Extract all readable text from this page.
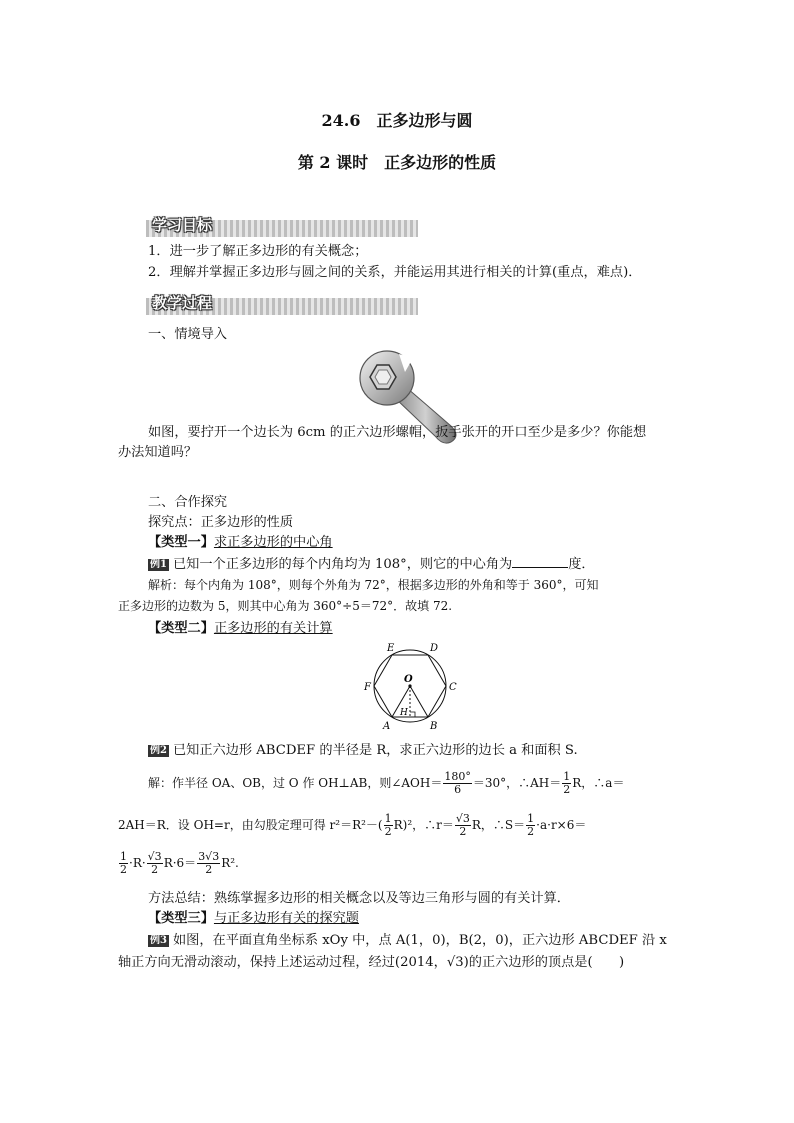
24.6　正多边形与圆
第 2 课时　正多边形的性质
学习目标
1．进一步了解正多边形的有关概念；
2．理解并掌握正多边形与圆之间的关系，并能运用其进行相关的计算(重点，难点)．
教学过程
一、情境导入
如图，要拧开一个边长为 6cm 的正六边形螺帽，扳手张开的开口至少是多少？你能想
办法知道吗？
二、合作探究
探究点：正多边形的性质
【类型一】求正多边形的中心角
例1 已知一个正多边形的每个内角均为 108°，则它的中心角为	度．
解析：每个内角为 108°，则每个外角为 72°，根据多边形的外角和等于 360°，可知
正多边形的边数为 5，则其中心角为 360°÷5＝72°．故填 72.
【类型二】正多边形的有关计算
E	D
F	C
O
H
A	B
例2 已知正六边形 ABCDEF 的半径是 R，求正六边形的边长 a 和面积 S.
解：作半径 OA、OB，过 O 作 OH⊥AB，则∠AOH＝ $\frac{180^\circ}{6} =30^\circ$，∴AH＝ $\frac{1}{2}$ R，∴a＝
2AH＝R．设 OH=r，由勾股定理可得 $r^2=R^2-( \frac{1}{2} R)^2$，∴r＝ $\frac{√3}{2}$ R，∴S＝ $\frac{1}{2} \cdot a\cdot r\times 6=$
$\frac{1}{2} \cdot R\cdot \frac{√3}{2} R\cdot 6= \frac{3√3}{2} R^2$.
方法总结：熟练掌握多边形的相关概念以及等边三角形与圆的有关计算．
【类型三】与正多边形有关的探究题
例3 如图，在平面直角坐标系 xOy 中，点 A(1，0)，B(2，0)，正六边形 ABCDEF 沿 x
轴正方向无滑动滚动，保持上述运动过程，经过(2014，√3)的正六边形的顶点是(　　)
